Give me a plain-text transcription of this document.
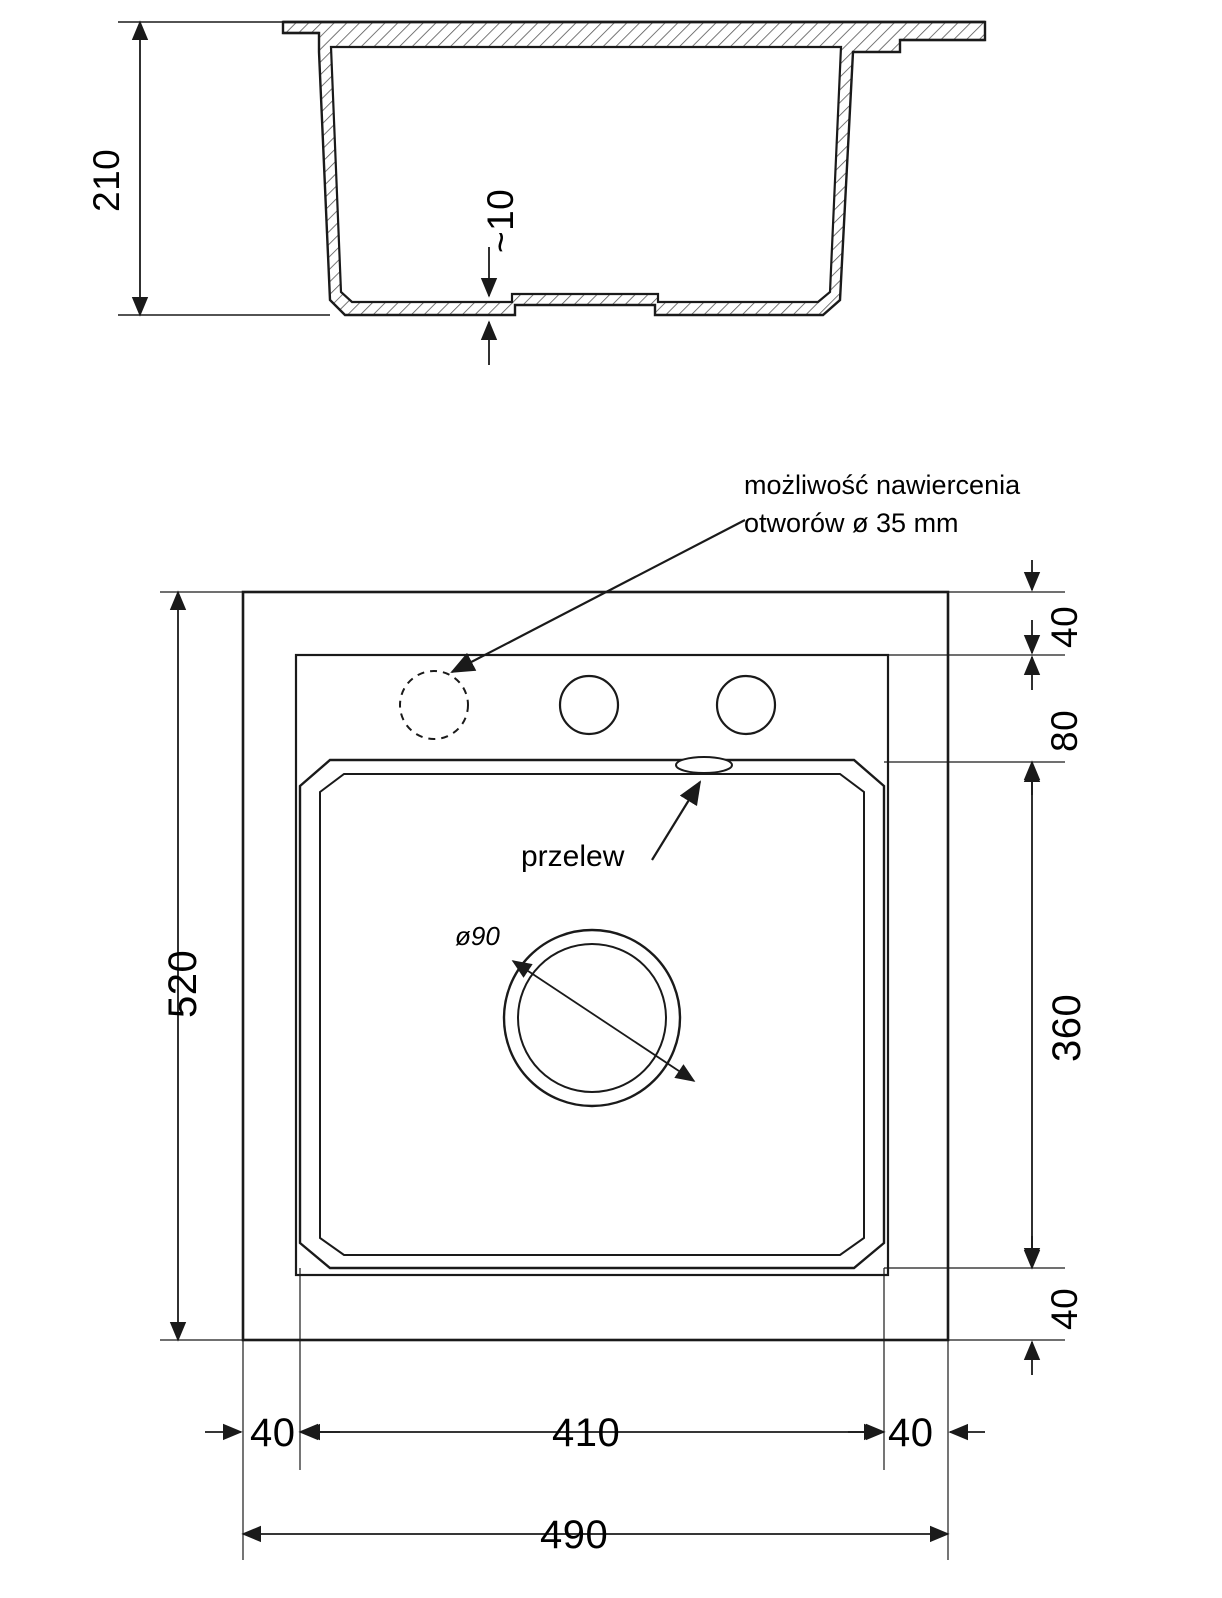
210
~10
możliwość nawiercenia
otworów ø 35 mm
przelew
ø90
520
40
80
360
40
40	410	40
490
